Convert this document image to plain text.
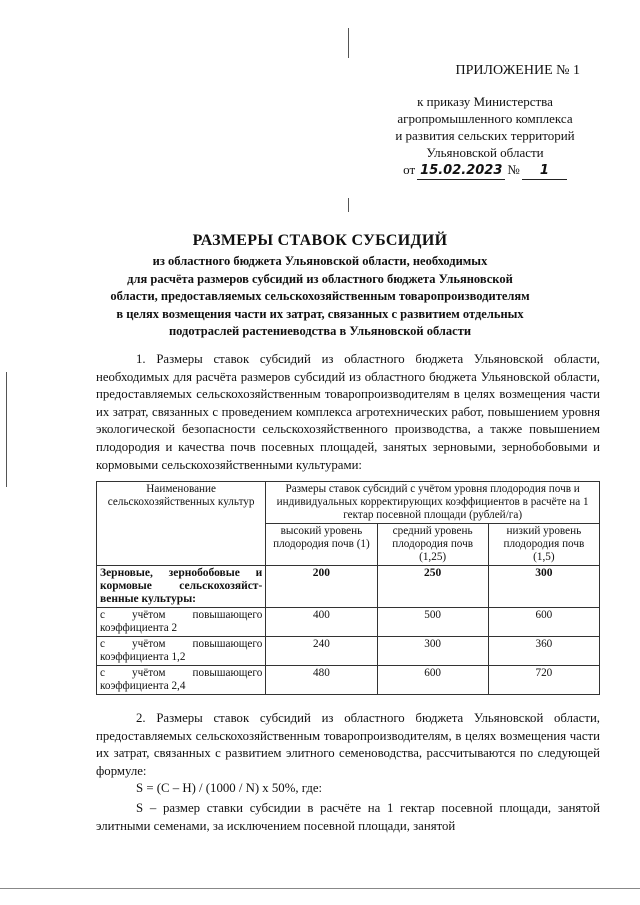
ПРИЛОЖЕНИЕ № 1
к приказу Министерства
агропромышленного комплекса
и развития сельских территорий
Ульяновской области
от 15.02.2023 №	1
РАЗМЕРЫ СТАВОК СУБСИДИЙ
из областного бюджета Ульяновской области, необходимых
для расчёта размеров субсидий из областного бюджета Ульяновской
области, предоставляемых сельскохозяйственным товаропроизводителям
в целях возмещения части их затрат, связанных с развитием отдельных
подотраслей растениеводства в Ульяновской области
1. Размеры ставок субсидий из областного бюджета Ульяновской области, необходимых для расчёта размеров субсидий из областного бюджета Ульяновской области, предоставляемых сельскохозяйственным товаропроизводителям в целях возмещения части их затрат, связанных с проведением комплекса агротехнических работ, повышением уровня экологической безопасности сельскохозяйственного производства, а также повышением плодородия и качества почв посевных площадей, занятых зерновыми, зернобобовыми и кормовыми сельскохозяйственными культурами:
Наименование сельскохозяйственных культур	Размеры ставок субсидий с учётом уровня плодородия почв и индивидуальных корректирующих коэффициентов в расчёте на 1 гектар посевной площади (рублей/га)		
	высокий уровень плодородия почв (1)	средний уровень плодородия почв (1,25)	низкий уровень плодородия почв (1,5)
Зерновые, зернобобовые и кормовые сельскохозяйст-венные культуры:	200	250	300
с учётом повышающего коэффициента 2	400	500	600
с учётом повышающего коэффициента 1,2	240	300	360
с учётом повышающего коэффициента 2,4	480	600	720
2. Размеры ставок субсидий из областного бюджета Ульяновской области, предоставляемых сельскохозяйственным товаропроизводителям, в целях возмещения части их затрат, связанных с развитием элитного семеноводства, рассчитываются по следующей формуле:
S = (С – Н) / (1000 / N) х 50%, где:
S – размер ставки субсидии в расчёте на 1 гектар посевной площади, занятой элитными семенами, за исключением посевной площади, занятой
